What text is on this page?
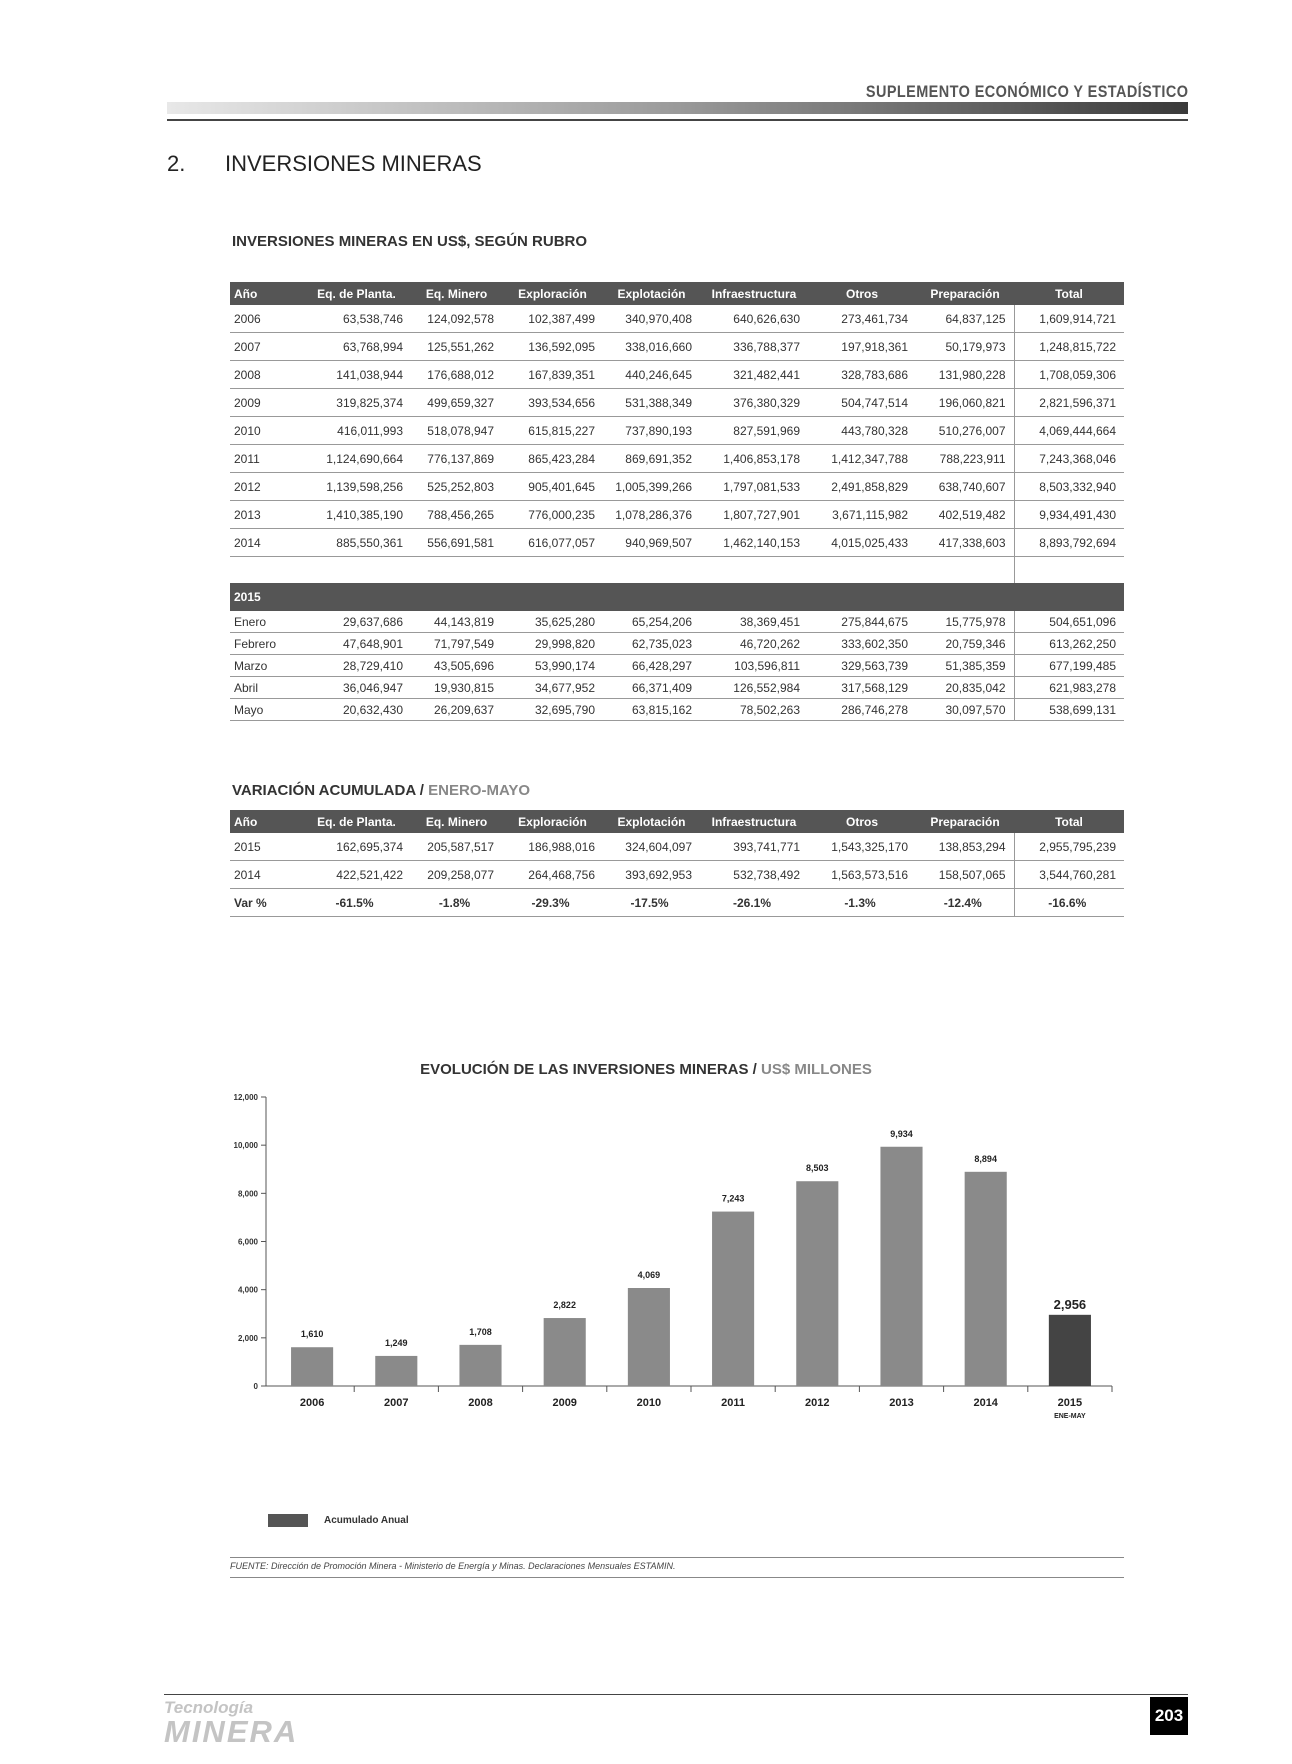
SUPLEMENTO ECONÓMICO Y ESTADÍSTICO
2. INVERSIONES MINERAS
INVERSIONES MINERAS EN US$, SEGÚN RUBRO
Año	Eq. de Planta.	Eq. Minero	Exploración	Explotación	Infraestructura	Otros	Preparación	Total
2006	63,538,746	124,092,578	102,387,499	340,970,408	640,626,630	273,461,734	64,837,125	1,609,914,721
2007	63,768,994	125,551,262	136,592,095	338,016,660	336,788,377	197,918,361	50,179,973	1,248,815,722
2008	141,038,944	176,688,012	167,839,351	440,246,645	321,482,441	328,783,686	131,980,228	1,708,059,306
2009	319,825,374	499,659,327	393,534,656	531,388,349	376,380,329	504,747,514	196,060,821	2,821,596,371
2010	416,011,993	518,078,947	615,815,227	737,890,193	827,591,969	443,780,328	510,276,007	4,069,444,664
2011	1,124,690,664	776,137,869	865,423,284	869,691,352	1,406,853,178	1,412,347,788	788,223,911	7,243,368,046
2012	1,139,598,256	525,252,803	905,401,645	1,005,399,266	1,797,081,533	2,491,858,829	638,740,607	8,503,332,940
2013	1,410,385,190	788,456,265	776,000,235	1,078,286,376	1,807,727,901	3,671,115,982	402,519,482	9,934,491,430
2014	885,550,361	556,691,581	616,077,057	940,969,507	1,462,140,153	4,015,025,433	417,338,603	8,893,792,694

2015								
Enero	29,637,686	44,143,819	35,625,280	65,254,206	38,369,451	275,844,675	15,775,978	504,651,096
Febrero	47,648,901	71,797,549	29,998,820	62,735,023	46,720,262	333,602,350	20,759,346	613,262,250
Marzo	28,729,410	43,505,696	53,990,174	66,428,297	103,596,811	329,563,739	51,385,359	677,199,485
Abril	36,046,947	19,930,815	34,677,952	66,371,409	126,552,984	317,568,129	20,835,042	621,983,278
Mayo	20,632,430	26,209,637	32,695,790	63,815,162	78,502,263	286,746,278	30,097,570	538,699,131
VARIACIÓN ACUMULADA / ENERO-MAYO
Año	Eq. de Planta.	Eq. Minero	Exploración	Explotación	Infraestructura	Otros	Preparación	Total
2015	162,695,374	205,587,517	186,988,016	324,604,097	393,741,771	1,543,325,170	138,853,294	2,955,795,239
2014	422,521,422	209,258,077	264,468,756	393,692,953	532,738,492	1,563,573,516	158,507,065	3,544,760,281
Var %	-61.5%	-1.8%	-29.3%	-17.5%	-26.1%	-1.3%	-12.4%	-16.6%
EVOLUCIÓN DE LAS INVERSIONES MINERAS / US$ MILLONES
0
2,000
4,000
6,000
8,000
10,000
12,000
1,610
2006
1,249
2007
1,708
2008
2,822
2009
4,069
2010
7,243
2011
8,503
2012
9,934
2013
8,894
2014
2,956
2015
ENE-MAY
Acumulado Anual
FUENTE: Dirección de Promoción Minera - Ministerio de Energía y Minas. Declaraciones Mensuales ESTAMIN.
Tecnología
MINERA	203
